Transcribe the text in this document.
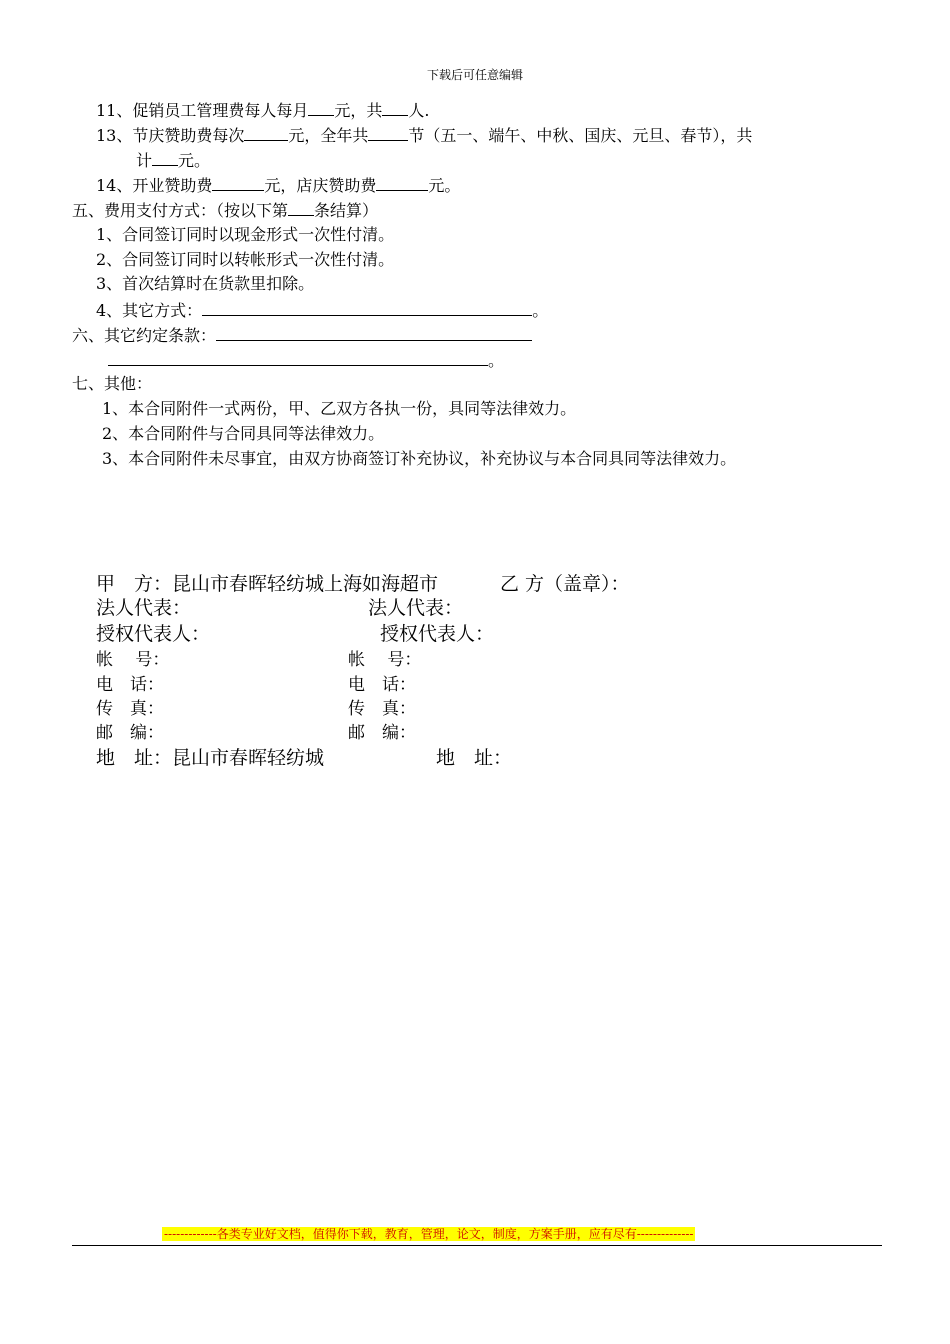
下载后可任意编辑
11、促销员工管理费每人每月 元，共 人.
13、节庆赞助费每次	元，全年共	节（五一、端午、中秋、国庆、元旦、春节），共
计 元。
14、开业赞助费	元，店庆赞助费	元。
五、费用支付方式：（按以下第 条结算）
1、合同签订同时以现金形式一次性付清。
2、合同签订同时以转帐形式一次性付清。
3、首次结算时在货款里扣除。
4、其它方式：	。
六、其它约定条款：
。
七、其他：
1、本合同附件一式两份，甲、乙双方各执一份，具同等法律效力。
2、本合同附件与合同具同等法律效力。
3、本合同附件未尽事宜，由双方协商签订补充协议，补充协议与本合同具同等法律效力。
甲　方：昆山市春晖轻纺城上海如海超市	乙 方（盖章）：
法人代表：	法人代表：
授权代表人：	授权代表人：
帐　 号：	帐　 号：
电　话：	电　话：
传　真：	传　真：
邮　编：	邮　编：
地　址：昆山市春晖轻纺城	地　址：
-------------各类专业好文档，值得你下载，教育，管理，论文，制度，方案手册，应有尽有--------------
